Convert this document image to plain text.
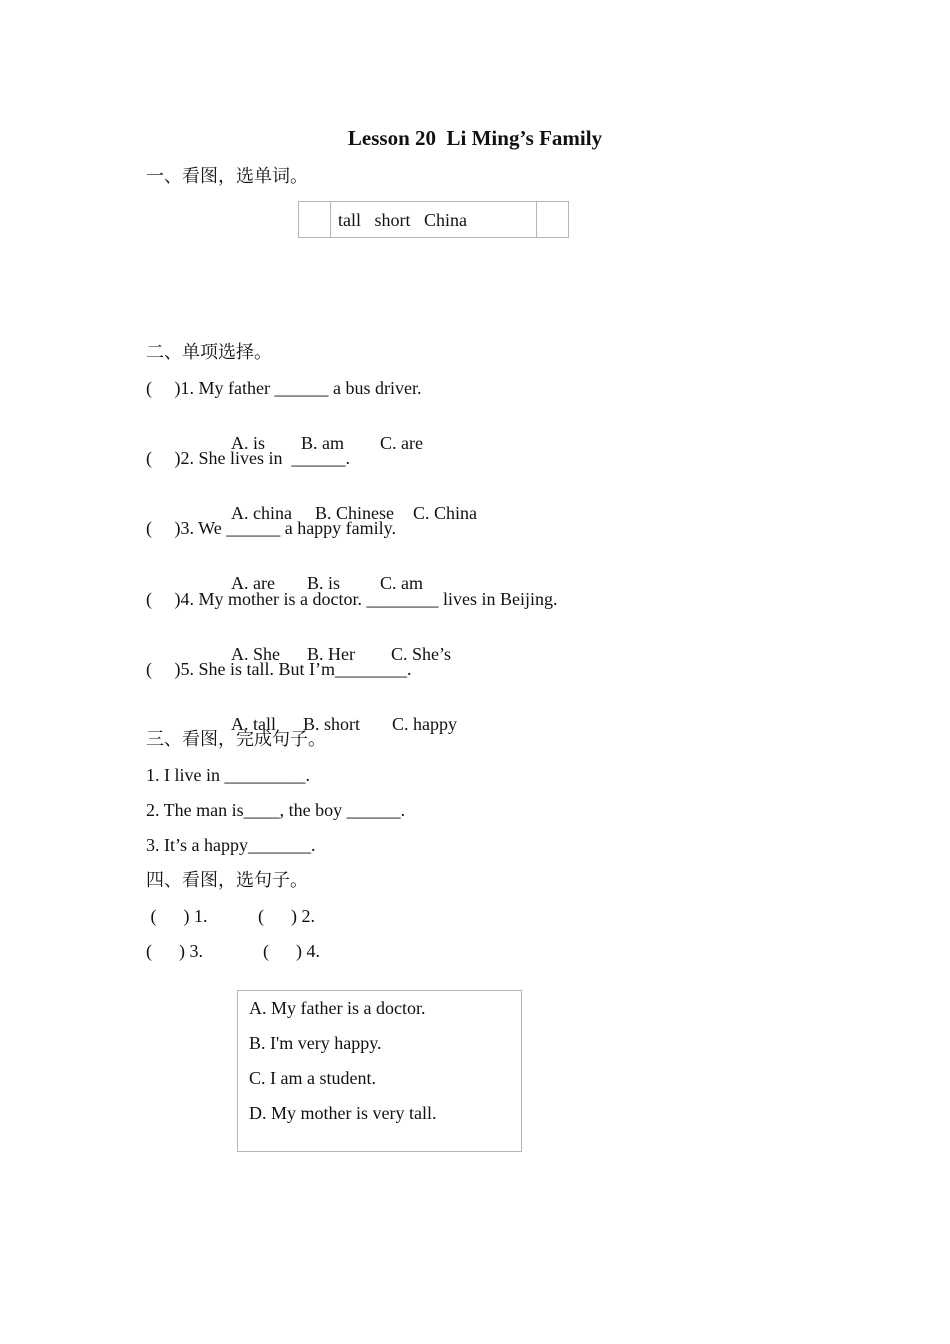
Lesson 20  Li Ming’s Family
一、看图，选单词。
tall   short   China
二、单项选择。
(     )1. My father ______ a bus driver.

A. is B. am C. are

(     )2. She lives in  ______.

A. china B. Chinese C. China

(     )3. We ______ a happy family.

A. are B. is C. am

(     )4. My mother is a doctor. ________ lives in Beijing.

A. She B. Her C. She’s

(     )5. She is tall. But I’m________.

A. tall B. short C. happy

三、看图，完成句子。
1. I live in _________.
2. The man is____, the boy ______.
3. It’s a happy_______.
四、看图，选句子。
(      ) 1.	(      ) 2.
(      ) 3.	(      ) 4.
A. My father is a doctor.
B. I'm very happy.
C. I am a student.
D. My mother is very tall.
